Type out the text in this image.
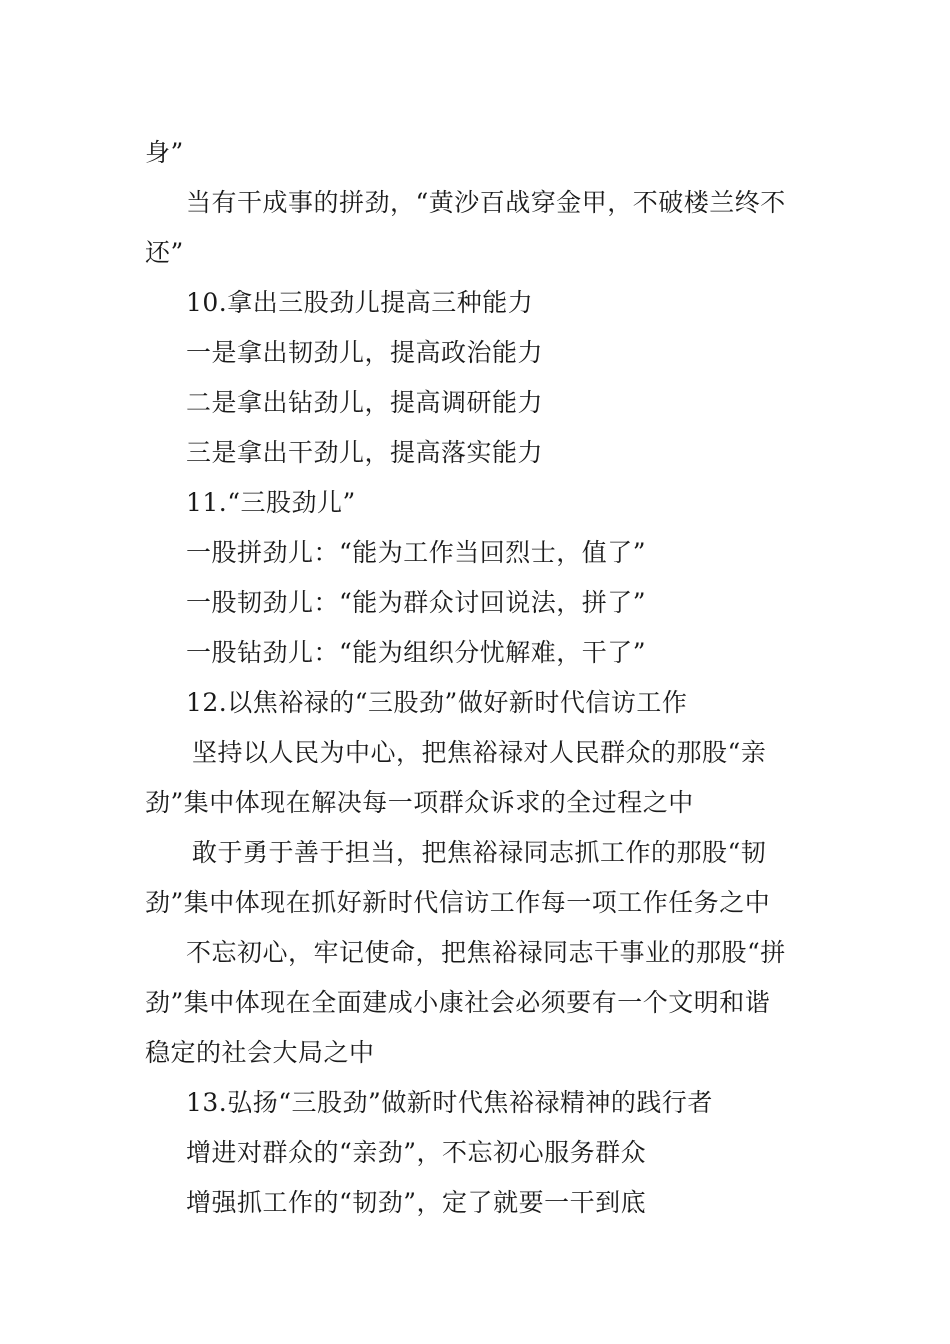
身”
当有干成事的拼劲，“黄沙百战穿金甲，不破楼兰终不
还”
10.拿出三股劲儿提高三种能力
一是拿出韧劲儿，提高政治能力
二是拿出钻劲儿，提高调研能力
三是拿出干劲儿，提高落实能力
11.“三股劲儿”
一股拼劲儿：“能为工作当回烈士，值了”
一股韧劲儿：“能为群众讨回说法，拼了”
一股钻劲儿：“能为组织分忧解难，干了”
12.以焦裕禄的“三股劲”做好新时代信访工作
坚持以人民为中心，把焦裕禄对人民群众的那股“亲
劲”集中体现在解决每一项群众诉求的全过程之中
敢于勇于善于担当，把焦裕禄同志抓工作的那股“韧
劲”集中体现在抓好新时代信访工作每一项工作任务之中
不忘初心，牢记使命，把焦裕禄同志干事业的那股“拼
劲”集中体现在全面建成小康社会必须要有一个文明和谐
稳定的社会大局之中
13.弘扬“三股劲”做新时代焦裕禄精神的践行者
增进对群众的“亲劲”，不忘初心服务群众
增强抓工作的“韧劲”，定了就要一干到底
